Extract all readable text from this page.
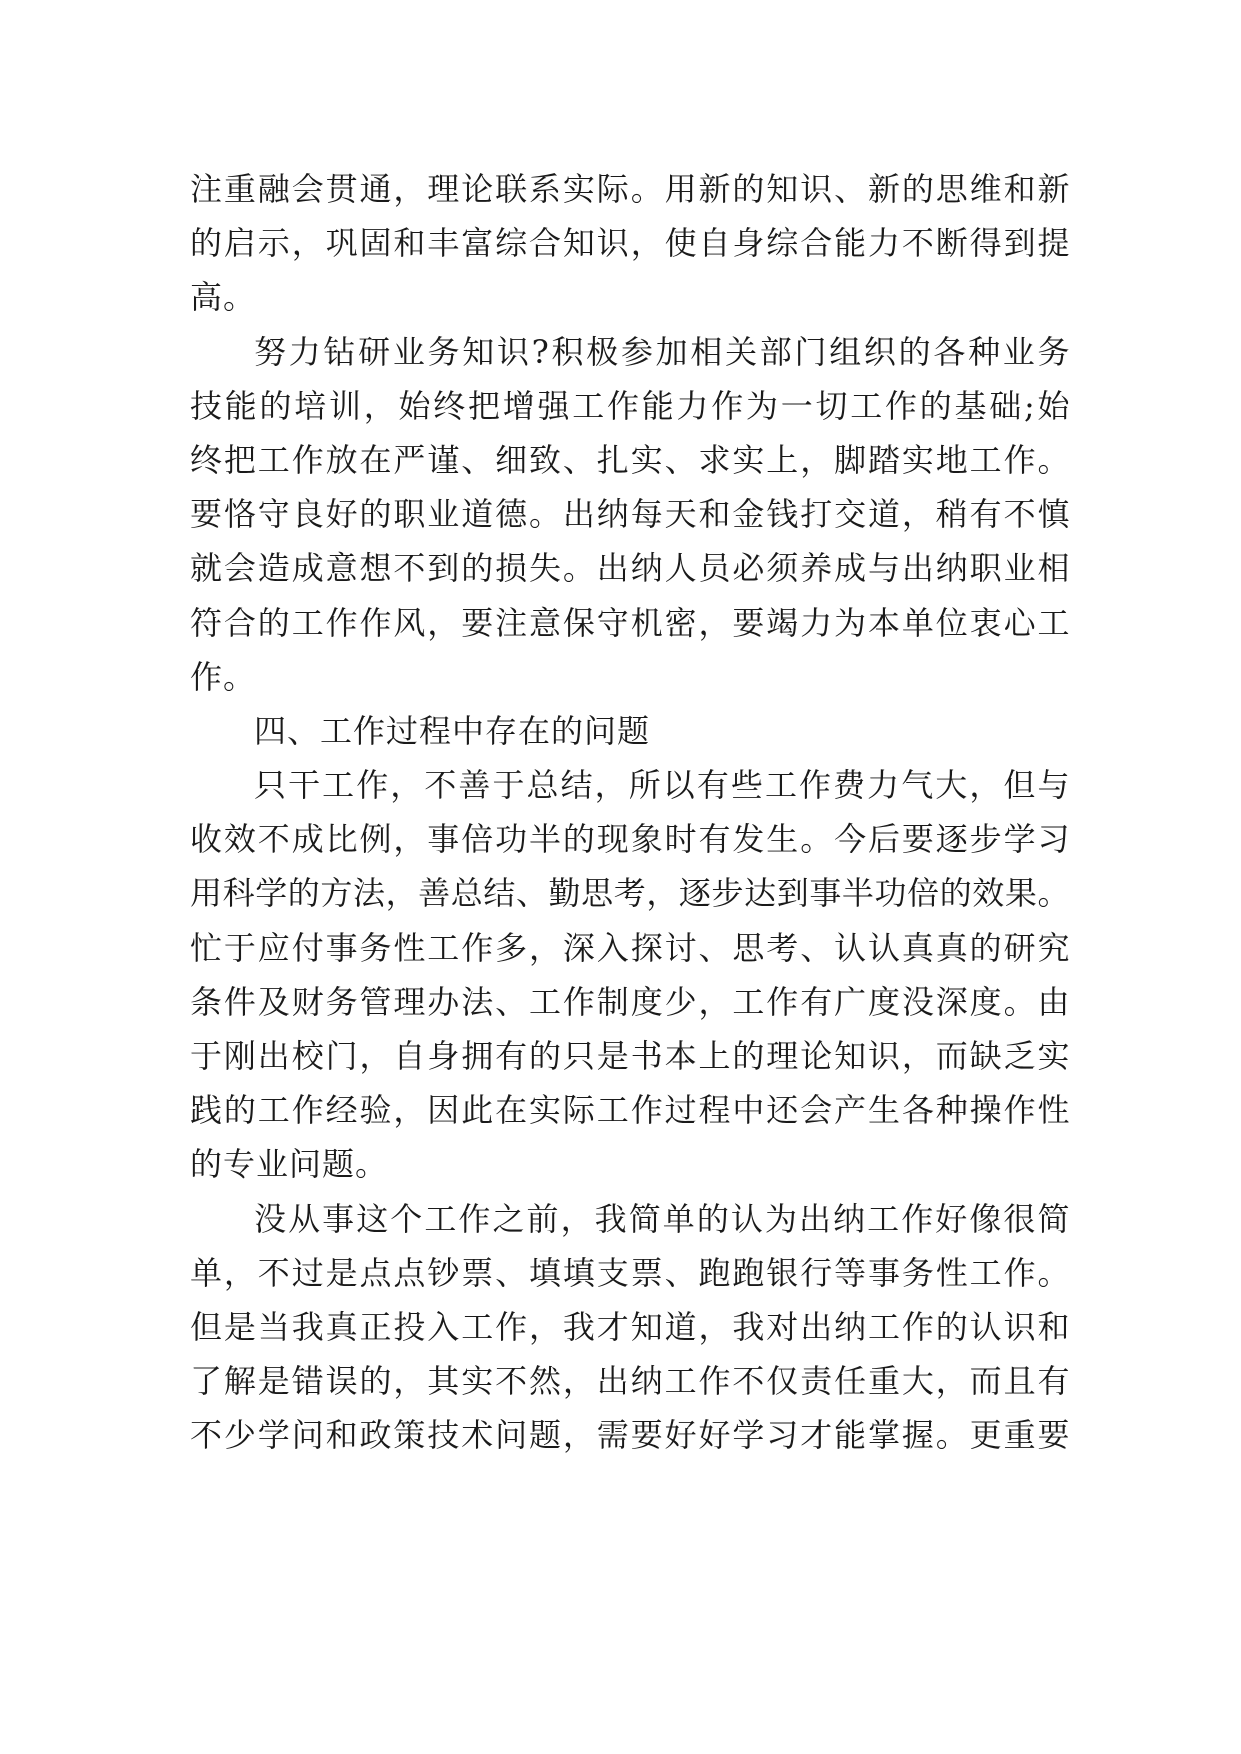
注重融会贯通，理论联系实际。用新的知识、新的思维和新
的启示，巩固和丰富综合知识，使自身综合能力不断得到提
高。
努力钻研业务知识?积极参加相关部门组织的各种业务
技能的培训，始终把增强工作能力作为一切工作的基础;始
终把工作放在严谨、细致、扎实、求实上，脚踏实地工作。
要恪守良好的职业道德。出纳每天和金钱打交道，稍有不慎
就会造成意想不到的损失。出纳人员必须养成与出纳职业相
符合的工作作风，要注意保守机密，要竭力为本单位衷心工
作。
四、工作过程中存在的问题
只干工作，不善于总结，所以有些工作费力气大，但与
收效不成比例，事倍功半的现象时有发生。今后要逐步学习
用科学的方法，善总结、勤思考，逐步达到事半功倍的效果。
忙于应付事务性工作多，深入探讨、思考、认认真真的研究
条件及财务管理办法、工作制度少，工作有广度没深度。由
于刚出校门，自身拥有的只是书本上的理论知识，而缺乏实
践的工作经验，因此在实际工作过程中还会产生各种操作性
的专业问题。
没从事这个工作之前，我简单的认为出纳工作好像很简
单，不过是点点钞票、填填支票、跑跑银行等事务性工作。
但是当我真正投入工作，我才知道，我对出纳工作的认识和
了解是错误的，其实不然，出纳工作不仅责任重大，而且有
不少学问和政策技术问题，需要好好学习才能掌握。更重要
